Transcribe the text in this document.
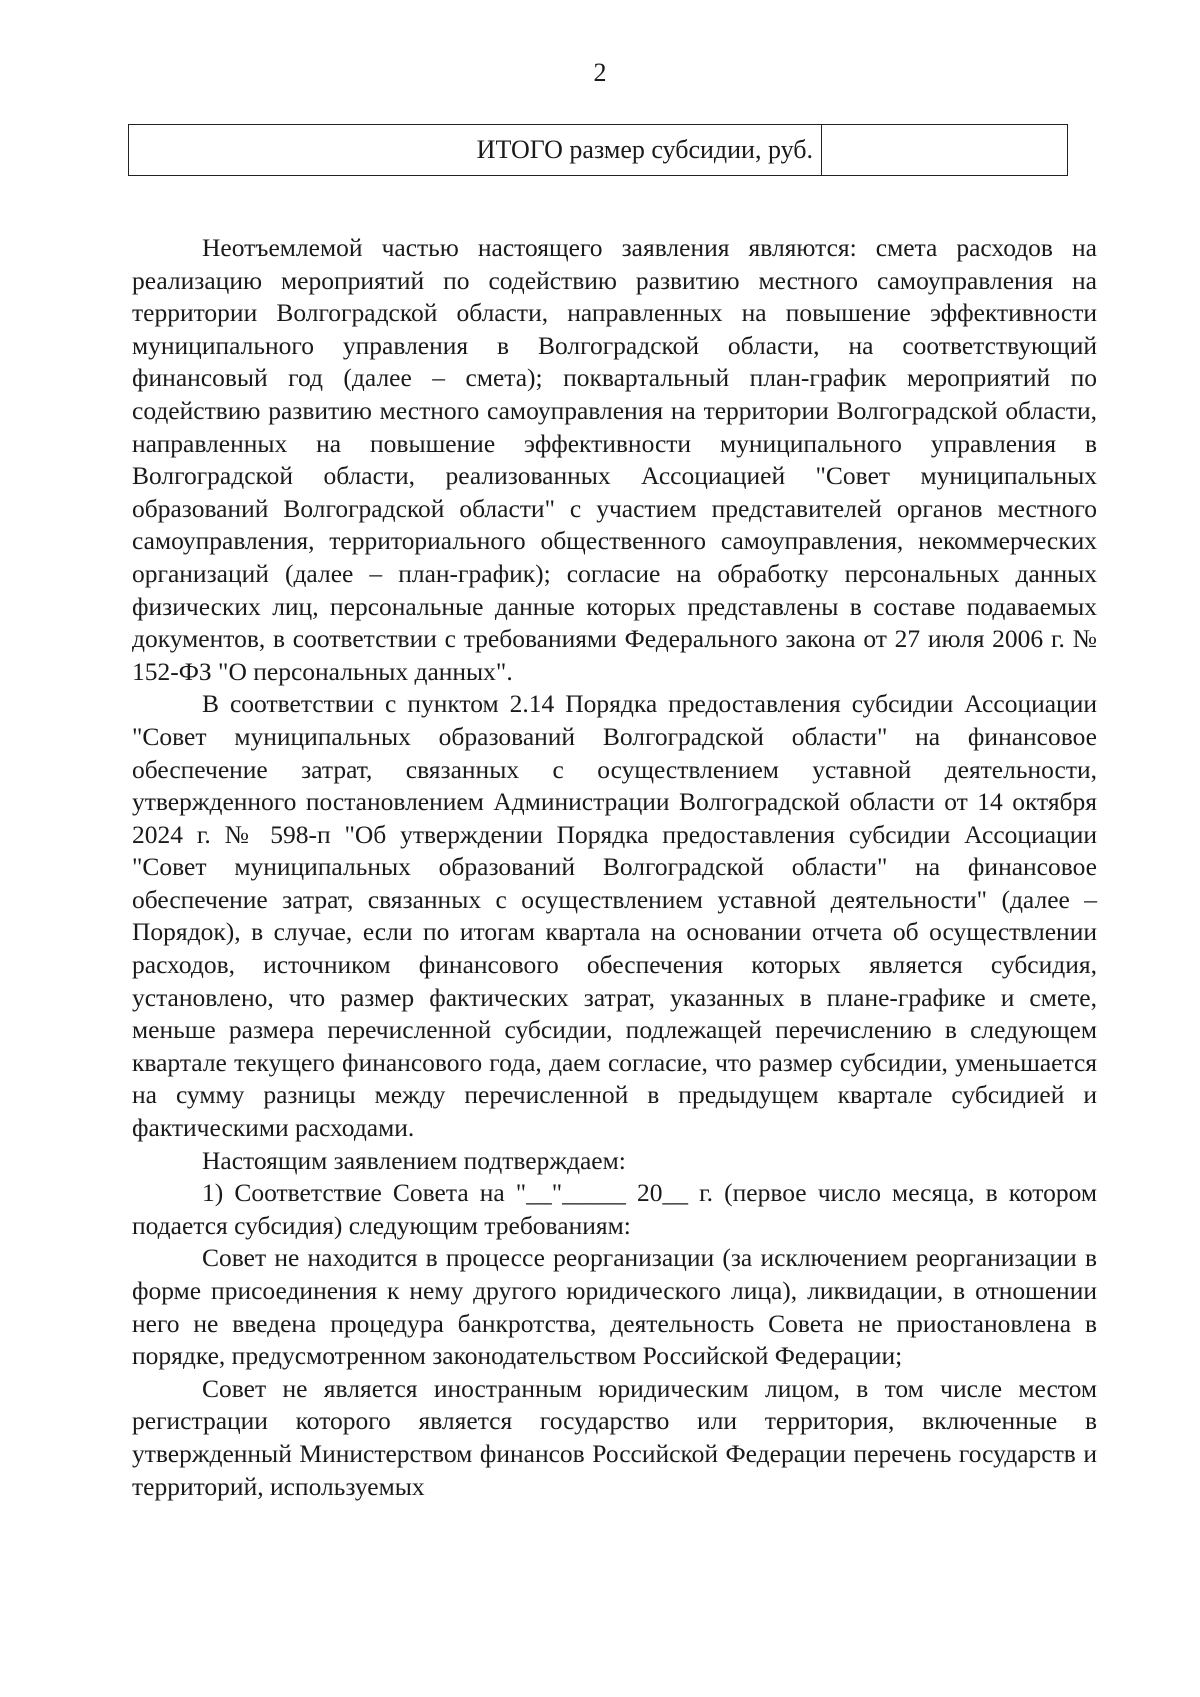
2
ИТОГО размер субсидии, руб.

Неотъемлемой частью настоящего заявления являются: смета расходов на реализацию мероприятий по содействию развитию местного самоуправления на территории Волгоградской области, направленных на повышение эффективности муниципального управления в Волгоградской области, на соответствующий финансовый год (далее – смета); поквартальный план-график мероприятий по содействию развитию местного самоуправления на территории Волгоградской области, направленных на повышение эффективности муниципального управления в Волгоградской области, реализованных Ассоциацией "Совет муниципальных образований Волгоградской области" с участием представителей органов местного самоуправления, территориального общественного самоуправления, некоммерческих организаций (далее – план-график); согласие на обработку персональных данных физических лиц, персональные данные которых представлены в составе подаваемых документов, в соответствии с требованиями Федерального закона от 27 июля 2006 г. № 152-ФЗ "О персональных данных".

В соответствии с пунктом 2.14 Порядка предоставления субсидии Ассоциации "Совет муниципальных образований Волгоградской области" на финансовое обеспечение затрат, связанных с осуществлением уставной деятельности, утвержденного постановлением Администрации Волгоградской области от 14 октября 2024 г. № 598-п "Об утверждении Порядка предоставления субсидии Ассоциации "Совет муниципальных образований Волгоградской области" на финансовое обеспечение затрат, связанных с осуществлением уставной деятельности" (далее – Порядок), в случае, если по итогам квартала на основании отчета об осуществлении расходов, источником финансового обеспечения которых является субсидия, установлено, что размер фактических затрат, указанных в плане-графике и смете, меньше размера перечисленной субсидии, подлежащей перечислению в следующем квартале текущего финансового года, даем согласие, что размер субсидии, уменьшается на сумму разницы между перечисленной в предыдущем квартале субсидией и фактическими расходами.

Настоящим заявлением подтверждаем:

1) Соответствие Совета на "__"_____ 20__ г. (первое число месяца, в котором подается субсидия) следующим требованиям:

Совет не находится в процессе реорганизации (за исключением реорганизации в форме присоединения к нему другого юридического лица), ликвидации, в отношении него не введена процедура банкротства, деятельность Совета не приостановлена в порядке, предусмотренном законодательством Российской Федерации;

Совет не является иностранным юридическим лицом, в том числе местом регистрации которого является государство или территория, включенные в утвержденный Министерством финансов Российской Федерации перечень государств и территорий, используемых
